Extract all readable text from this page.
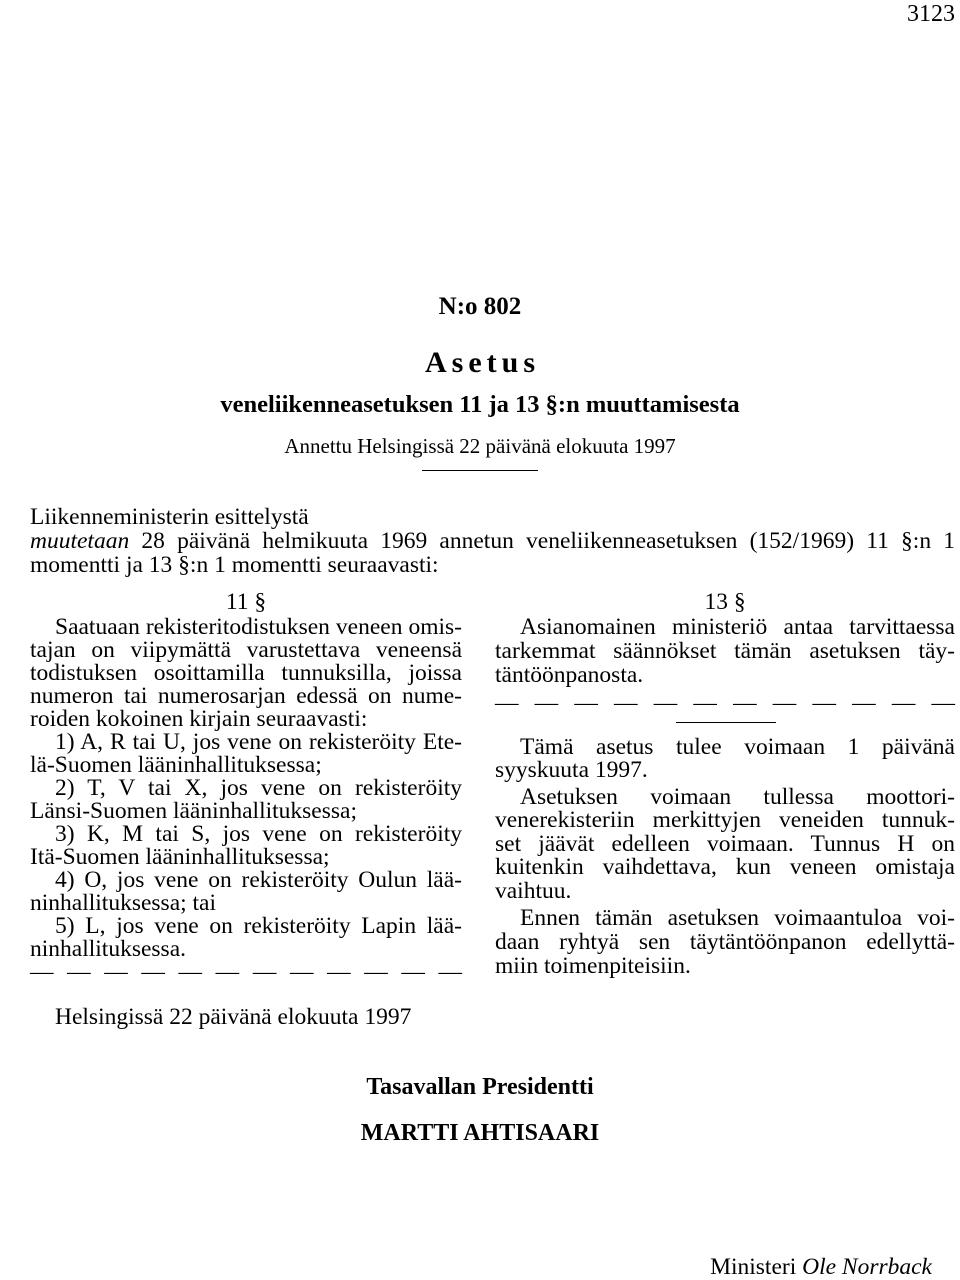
3123
N:o 802
Asetus
veneliikenneasetuksen 11 ja 13 §:n muuttamisesta
Annettu Helsingissä 22 päivänä elokuuta 1997
Liikenneministerin esittelystä
muutetaan 28 päivänä helmikuuta 1969 annetun veneliikenneasetuksen (152/1969) 11 §:n 1
momentti ja 13 §:n 1 momentti seuraavasti:
11 §
Saatuaan rekisteritodistuksen veneen omis-
tajan on viipymättä varustettava veneensä
todistuksen osoittamilla tunnuksilla, joissa
numeron tai numerosarjan edessä on nume-
roiden kokoinen kirjain seuraavasti:
1) A, R tai U, jos vene on rekisteröity Ete-
lä-Suomen lääninhallituksessa;
2) T, V tai X, jos vene on rekisteröity
Länsi-Suomen lääninhallituksessa;
3) K, M tai S, jos vene on rekisteröity
Itä-Suomen lääninhallituksessa;
4) O, jos vene on rekisteröity Oulun lää-
ninhallituksessa; tai
5) L, jos vene on rekisteröity Lapin lää-
ninhallituksessa.
— — — — — — — — — — — —
13 §
Asianomainen ministeriö antaa tarvittaessa
tarkemmat säännökset tämän asetuksen täy-
täntöönpanosta.
— — — — — — — — — — — —
Tämä asetus tulee voimaan 1 päivänä
syyskuuta 1997.
Asetuksen voimaan tullessa moottori-
venerekisteriin merkittyjen veneiden tunnuk-
set jäävät edelleen voimaan. Tunnus H on
kuitenkin vaihdettava, kun veneen omistaja
vaihtuu.
Ennen tämän asetuksen voimaantuloa voi-
daan ryhtyä sen täytäntöönpanon edellyttä-
miin toimenpiteisiin.
Helsingissä 22 päivänä elokuuta 1997
Tasavallan Presidentti
MARTTI AHTISAARI
Ministeri Ole Norrback
